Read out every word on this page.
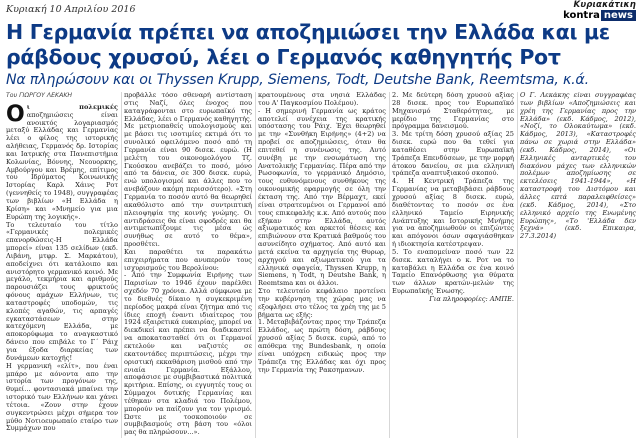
Κυριακή 10 Απριλίου 2016	Κυριακάτικη
kontra news
Η Γερμανία πρέπει να αποζημιώσει την Ελλάδα και με ράβδους χρυσού, λέει ο Γερμανός καθηγητής Ροτ
Να πληρώσουν και οι Thyssen Krupp, Siemens, Todt, Deutshe Bank, Reemtsma, κ.ά.
Του ΓΙΩΡΓΟΥ ΛΕΚΑΚΗ

Οι πολεμικές αποζημιώσεις είναι ανοικτός λογαριασμός μεταξύ Ελλάδας και Γερμανίας λέει ο φίλος της ιστορικής αλήθειας, Γερμανός δρ. Ιστορίας και Ιατρικής στα Πανεπιστήμια Κολωνίας, Βόννης, Νεουορκης, Αμβούργου και Βρέμης, επίτιμος του Ιδρύματος Κοινωνικής Ιστορίας Καρλ Χάινς Ροτ (γεννηθείς το 1948), συγγραφέας των βιβλίων «Η Ελλάδα η Κρίση» και «Μνημείο για μια Ευρώπη της λογικής».

Το τελευταίο του τίτλο «Γερμανικές πολεμικές επανορθώσεις-Η Ελλάδα μπορεί» είναι 135 σελίδων (εκδ. Λιβάνη, μτφρ. Σ. Μαρκάτου), αποδείχνει ότι κατάλοιπο και ανιστόρητο γερμανικό κοινό. Με μεγάλο, τεκμήρια και αριθμούς παρουσιάζει τους φρικτούς φόνους αμάχων Ελλήνων, τις καταστροφές υποδομών, τις κλοπές αγαθών, τις αρπαγές εγκαταστάσεων στην κατεχόμενη Ελλάδα, με αποκορύφωμα το αναγκαστικό δάνειο που επιβάλε το Γ΄ Ράιχ για έξοδα διαρκείας των δυνάμεων κατοχής!

Η γερμανική «ελίτ», που έναι μπάρο με αόνοντα απο την ιστορία των προγόνων της, θυμεί... φοντασιακά μπαίνει την ιστορικό των Ελλήνων και χάνει τέτοια. «Ζουν στην έχουν συγκεντρώσει μέχρι σήμερα τον μύθο Νοτιοευρωπαίο εταίρο των Συμμάχων που

προβάλλε τόσο σθεναρή αντίσταση στις Ναζί, όλες ένοχος που καταγράφονται στο ευρωπαϊκό της Ελλάδας, λέει ο Γερμανός καθηγητής.

Με μετριοπαθείς υπολογισμούς και με βάσει τις ισοτιμίες εκτιμά ότι το συνολικό οφειλόμενο ποσό από τη Γερμανία είναι 90 δισεκ. ευρώ. (Η μελέτη του οικονομολόγου Τζ. Γκούσκου ανεβάζει το ποσό, μόνο από τα δάνεια, σε 300 δισεκ. ευρώ, ενώ υπολογισμοί και άλλες που το ανεβάζουν ακόμη περισσότερο). «Στη Γερμανία το ποσόν αυτό θα θεωρηθεί ακαθόλιστο από την συντριπτική πλειοψηφία της κοινής γνώμης. Οι αντιδράσεις θα είναι σφοδρές και θα αντιμετωπίζουμε τις μέσα ώς συνήθως σε αυτό το θέμα», προσθέτει.

Και παραθέτει τα παρακάτω επιχειρήματα που ανυπερούν τους ισχυρισμούς του Βερολίνου:

- Από την Συμφωνία Ειρήνης των Παρισίων το 1946 έχουν παρέλθει σχεδόν 70 χρόνια. Αλλά σύμφωνα με το διεθνές δίκαιο η συγκεκριμένη περίοδος μακρά είναι ζήτημα από τις ίδιες εποχή έναντι ιδιαίτερος του 1924 εξαιρετικά ευκαιρίας, μπορεί να διεκδικεί και πρέπει να διαδικαστεί να αποκατασταθεί ότι οι Γερμανοί εκτελούν και ναζιστές σε εκατοντάδες περιπτώσεις, μέχρι την οριστική εκκαθάριση μισθού από την ενιαία Γερμανία. Εξάλλου, αποφάσισε με συμβιβαστικά πολιτικά κριτήρια. Επίσης, οι εγγυητές τους οι Σύμμαχοι δυτικής Γερμανίας και τέθηκαν στα κλαδιά του Πολέμου, μπορούν να παίζουν για τον γιρισμό. Ώστε με τοσκοποιούν σε συμβιβασμούς στη βάση του «όλοι μας θα πληρώσουν...».

κρατουμένους στα νησιά Ελλάδας του Α' Παγκοσμίου Πολέμου).

- Η σημερινή Γερμανία ως κράτος αποτελεί συνέχεια της κρατικής υπόστασης του Ράιχ. Έχει θεωρηθεί με την «Συνθήκη Ειρήνης» (4+2) να προβεί σε αποζημιώσεις, όταν θα επιτεθεί η συνένωσις της. Αυτό συνέβη με την ενσωμάτωση της Ανατολικής Γερμανίας. Πέρα από την Ρωσοφωνία, το γερμανικό Δημόσιο, τους ευθυνόμενους συνθήκους της οικονομικής εφαρμογής σε όλη την έκταση της. Από την Βέρμαχτ, εκεί είναι στρατευμένοι οι Γερμανοί από τους επικεφαλής κ.κ. Από αυτούς που εξήκαν στην Ελλάδα, αυτός αξιωματικός και αρκετοί θέσεις και επιβιώνουν στα Κρατικά βαθμούς του ασυνείδητο σχήματος. Από αυτό και μετά εκείνα τα αρχηγεία της Θυρωρ, αρχηγού και αξιωματικού για τα ελληνικά σφαγεία, Thyssen Krupp, η Siemens, η Todt, η Deutshe Bank, η Reemtsma και οι άλλοι.

Στο τελευταίο κεφάλαιο προτείνει την κυβέρνηση της χώρας μας να εξοφλήσει στο τέλος τα χρέη της με 5 βήματα ως εξής:

1. Μεταβιβάζοντας προς την Τράπεζα Ελλάδος, ως πρώτη δόση, ράβδους χρυσού αξίας 5 δισεκ. ευρώ, από το απόθεμα της Bundesbank, η οποία είναι υπόχρεη ειδικώς προς την Τράπεζα της Ελλάδας και όχι προς την Γερμανία της Ρακσημανων.

2. Με δεύτερη δόση χρυσού αξίας 28 δισεκ. προς τον Ευρωπαϊκό Μηχανισμό Σταθερότητας, με μερίδιο της Γερμανίας στο πρόγραμμα δανεισμού.

3. Με τρίτη δόση χρυσού αξίας 25 δισεκ. ευρώ που θα τεθεί για καταθέσει στην Ευρωπαϊκή Τράπεζα Επενδύσεων, με την μορφή άτοκου δανείου, σε μια ελληνική τράπεζα αναπτυξιακού σκοπού.

4. Η Κεντρική Τράπεζα της Γερμανίας να μεταβιβάσει ράβδους χρυσού αξίας 8 δισεκ. ευρώ, διαθέτοντας το ποσόν σε ένα ελληνικό Ταμείο Ειρηνικής Ανάπτυξης και Ιστορικής Μνήμης για να αποζημιωθούν οι επιζώντες και απόγονοι όσων σφαγιάσθηκαν ή ιδιοκτησία κατέστρεψαν.

5. Το εναπομείναν ποσό των 22 δισεκ. καταλήγει ο κ. Ροτ να το καταβάλει η Ελλάδα σε ένα κοινό Ταμείο Επανόρθωσης για θύματα των άλλων κρατών-μελών της Ευρωπαϊκής Ένωσης.

Για πληροφορίες: ΑΜΠΕ.

Ο Γ. Λεκάκης είναι συγγραφέας των βιβλίων «Αποζημιώσεις και χρέη της Γερμανίας προς την Ελλάδα» (εκδ. Κάδμος, 2012), «Νοζί, το Ολοκαύτωμα» (εκδ. Κάδμος, 2013), «Καταστροφές πάνω σε χωριά στην Ελλάδα» (εκδ. Κάδμος, 2014), «Οι Ελληνικές ανταρτικές του διακόνου μάχες των ελληνικών πολέμων αποζημίωσης σε εκτελέσεις 1941-1944», «Η καταστροφή του Διστόμου και άλλες επτά παραλειφθείσες» (εκδ. Κάδμος, 2014), «Στο ελληνικό αρχείο της Ενωμένης Ευρώπης», «Το 'Ελλάδα δεν ξεχνά» (εκδ. Επικαιρα, 27.3.2014)
